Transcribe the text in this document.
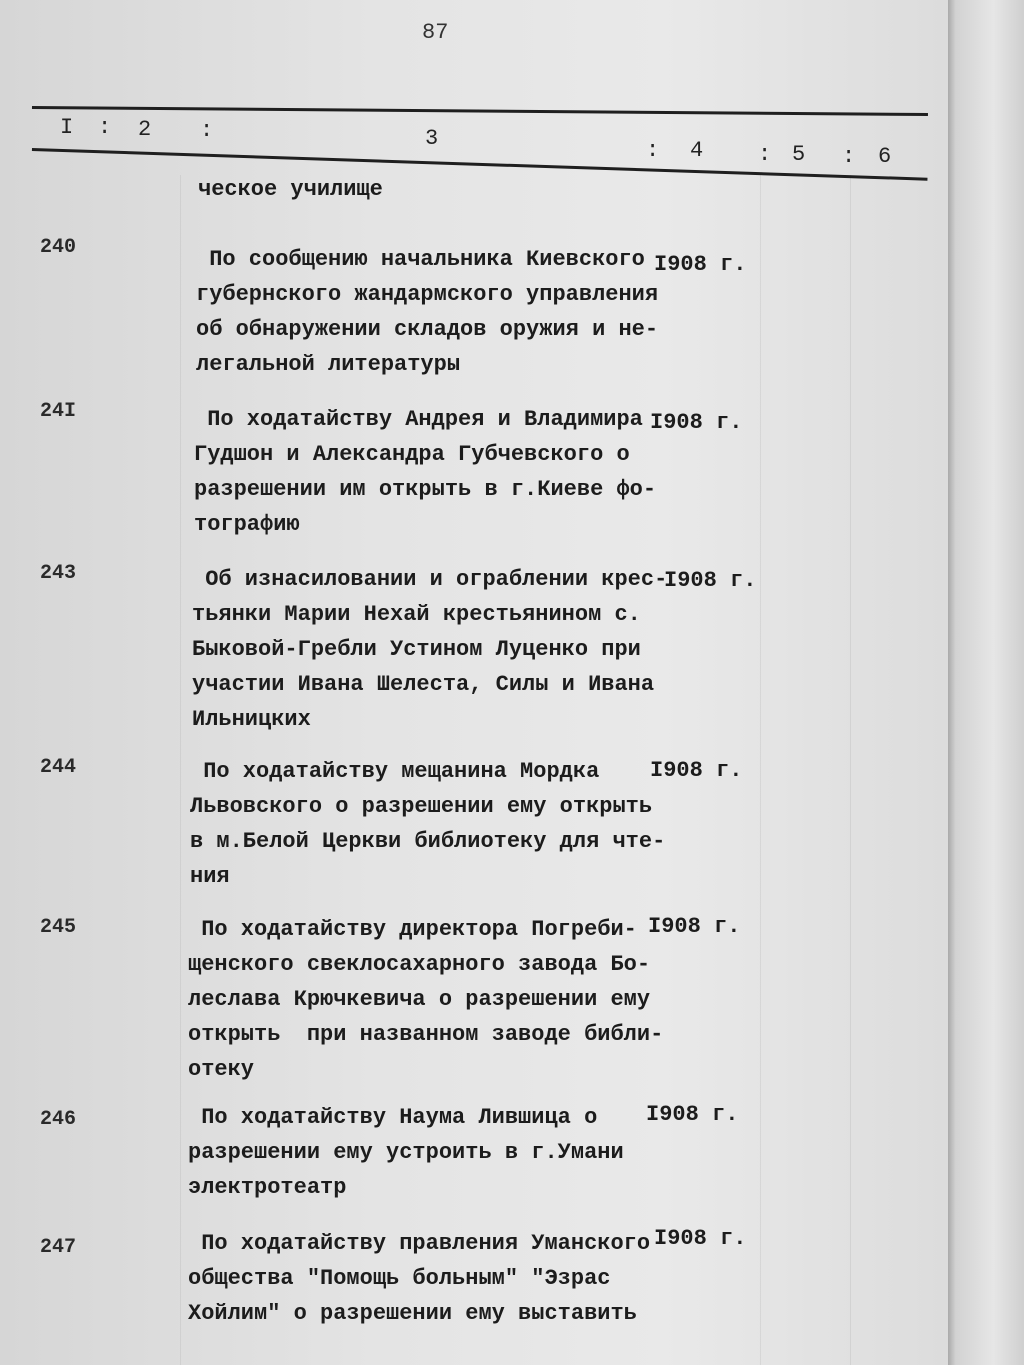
87
I : 2 :	3	: 4 : 5 : 6
ческое училище
240	По сообщению начальника Киевского
губернского жандармского управления
об обнаружении складов оружия и не-
легальной литературы
I908 г.
24I	По ходатайству Андрея и Владимира
Гудшон и Александра Губчевского о
разрешении им открыть в г.Киеве фо-
тографию
I908 г.
243	Об изнасиловании и ограблении крес-
тьянки Марии Нехай крестьянином с.
Быковой-Гребли Устином Луценко при
участии Ивана Шелеста, Силы и Ивана
Ильницких
I908 г.
244	По ходатайству мещанина Мордка
Львовского о разрешении ему открыть
в м.Белой Церкви библиотеку для чте-
ния
I908 г.
245	По ходатайству директора Погреби-
щенского свеклосахарного завода Бо-
леслава Крючкевича о разрешении ему
открыть  при названном заводе библи-
отеку
I908 г.
246	По ходатайству Наума Лившица о
разрешении ему устроить в г.Умани
электротеатр
I908 г.
247	По ходатайству правления Уманского
общества "Помощь больным" "Эзрас
Хойлим" о разрешении ему выставить
I908 г.
